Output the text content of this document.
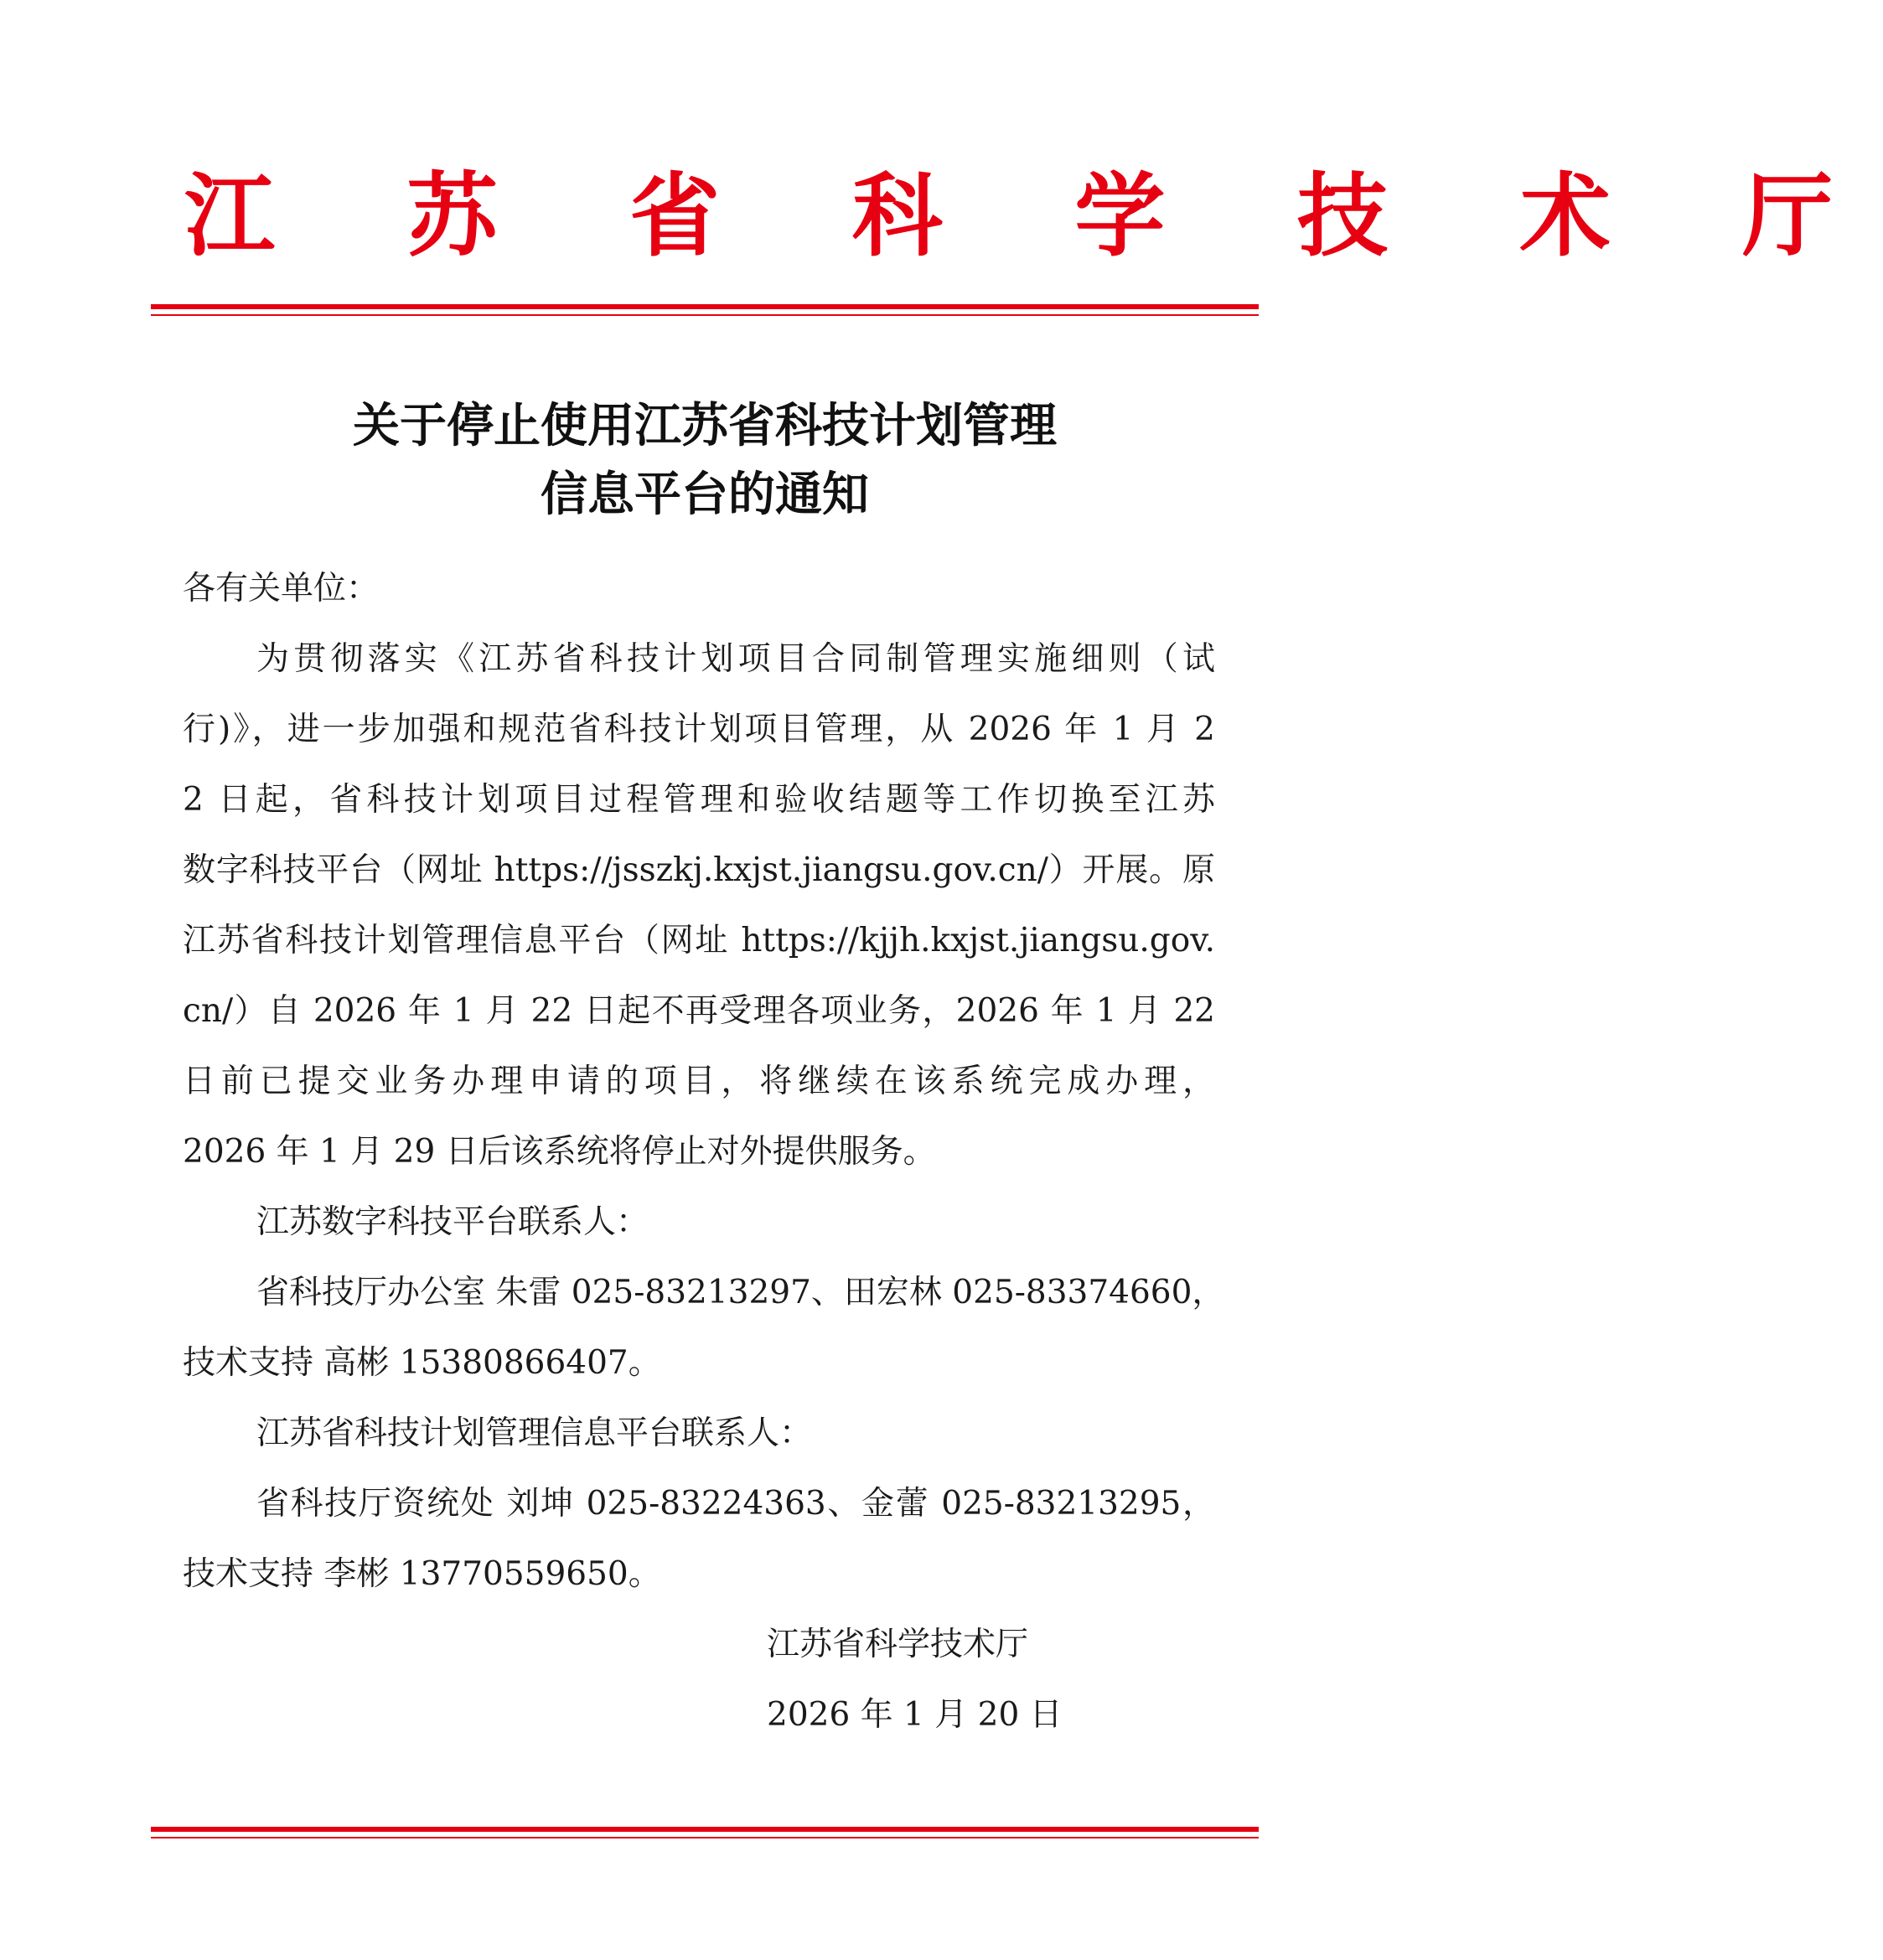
江 苏 省 科 学 技 术 厅
关于停止使用江苏省科技计划管理
信息平台的通知
各有关单位：
为贯彻落实《江苏省科技计划项目合同制管理实施细则（试
行)》，进一步加强和规范省科技计划项目管理，从 2026 年 1 月 2
2 日起，省科技计划项目过程管理和验收结题等工作切换至江苏
数字科技平台（网址 https://jsszkj.kxjst.jiangsu.gov.cn/）开展。原
江苏省科技计划管理信息平台（网址 https://kjjh.kxjst.jiangsu.gov.
cn/）自 2026 年 1 月 22 日起不再受理各项业务，2026 年 1 月 22
日前已提交业务办理申请的项目，将继续在该系统完成办理，
2026 年 1 月 29 日后该系统将停止对外提供服务。
江苏数字科技平台联系人：
省科技厅办公室 朱雷 025-83213297、田宏林 025-83374660，
技术支持 高彬 15380866407。
江苏省科技计划管理信息平台联系人：
省科技厅资统处 刘坤 025-83224363、金蕾 025-83213295，
技术支持 李彬 13770559650。
江苏省科学技术厅
2026 年 1 月 20 日
